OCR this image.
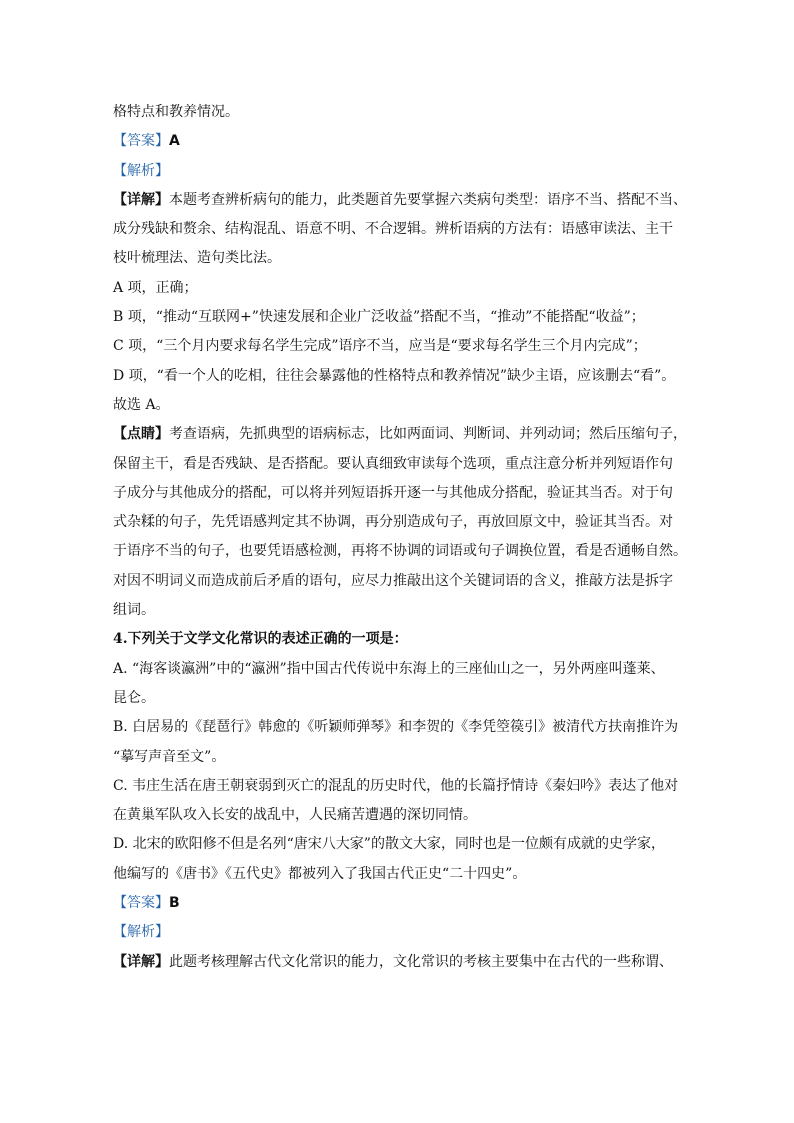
格特点和教养情况。
【答案】A
【解析】
【详解】本题考查辨析病句的能力，此类题首先要掌握六类病句类型：语序不当、搭配不当、
成分残缺和赘余、结构混乱、语意不明、不合逻辑。辨析语病的方法有：语感审读法、主干
枝叶梳理法、造句类比法。
A 项，正确；
B 项，“推动“互联网+”快速发展和企业广泛收益”搭配不当，“推动”不能搭配“收益”；
C 项，“三个月内要求每名学生完成”语序不当，应当是“要求每名学生三个月内完成”；
D 项，“看一个人的吃相，往往会暴露他的性格特点和教养情况”缺少主语，应该删去“看”。
故选 A。
【点睛】考查语病，先抓典型的语病标志，比如两面词、判断词、并列动词；然后压缩句子，
保留主干，看是否残缺、是否搭配。要认真细致审读每个选项，重点注意分析并列短语作句
子成分与其他成分的搭配，可以将并列短语拆开逐一与其他成分搭配，验证其当否。对于句
式杂糅的句子，先凭语感判定其不协调，再分别造成句子，再放回原文中，验证其当否。对
于语序不当的句子，也要凭语感检测，再将不协调的词语或句子调换位置，看是否通畅自然。
对因不明词义而造成前后矛盾的语句，应尽力推敲出这个关键词语的含义，推敲方法是拆字
组词。
4.下列关于文学文化常识的表述正确的一项是：
A. “海客谈瀛洲”中的“瀛洲”指中国古代传说中东海上的三座仙山之一，另外两座叫蓬莱、
昆仑。
B. 白居易的《琵琶行》韩愈的《听颖师弹琴》和李贺的《李凭箜篌引》被清代方扶南推许为
“摹写声音至文”。
C. 韦庄生活在唐王朝衰弱到灭亡的混乱的历史时代，他的长篇抒情诗《秦妇吟》表达了他对
在黄巢军队攻入长安的战乱中，人民痛苦遭遇的深切同情。
D. 北宋的欧阳修不但是名列“唐宋八大家”的散文大家，同时也是一位颇有成就的史学家，
他编写的《唐书》《五代史》都被列入了我国古代正史“二十四史”。
【答案】B
【解析】
【详解】此题考核理解古代文化常识的能力，文化常识的考核主要集中在古代的一些称谓、
